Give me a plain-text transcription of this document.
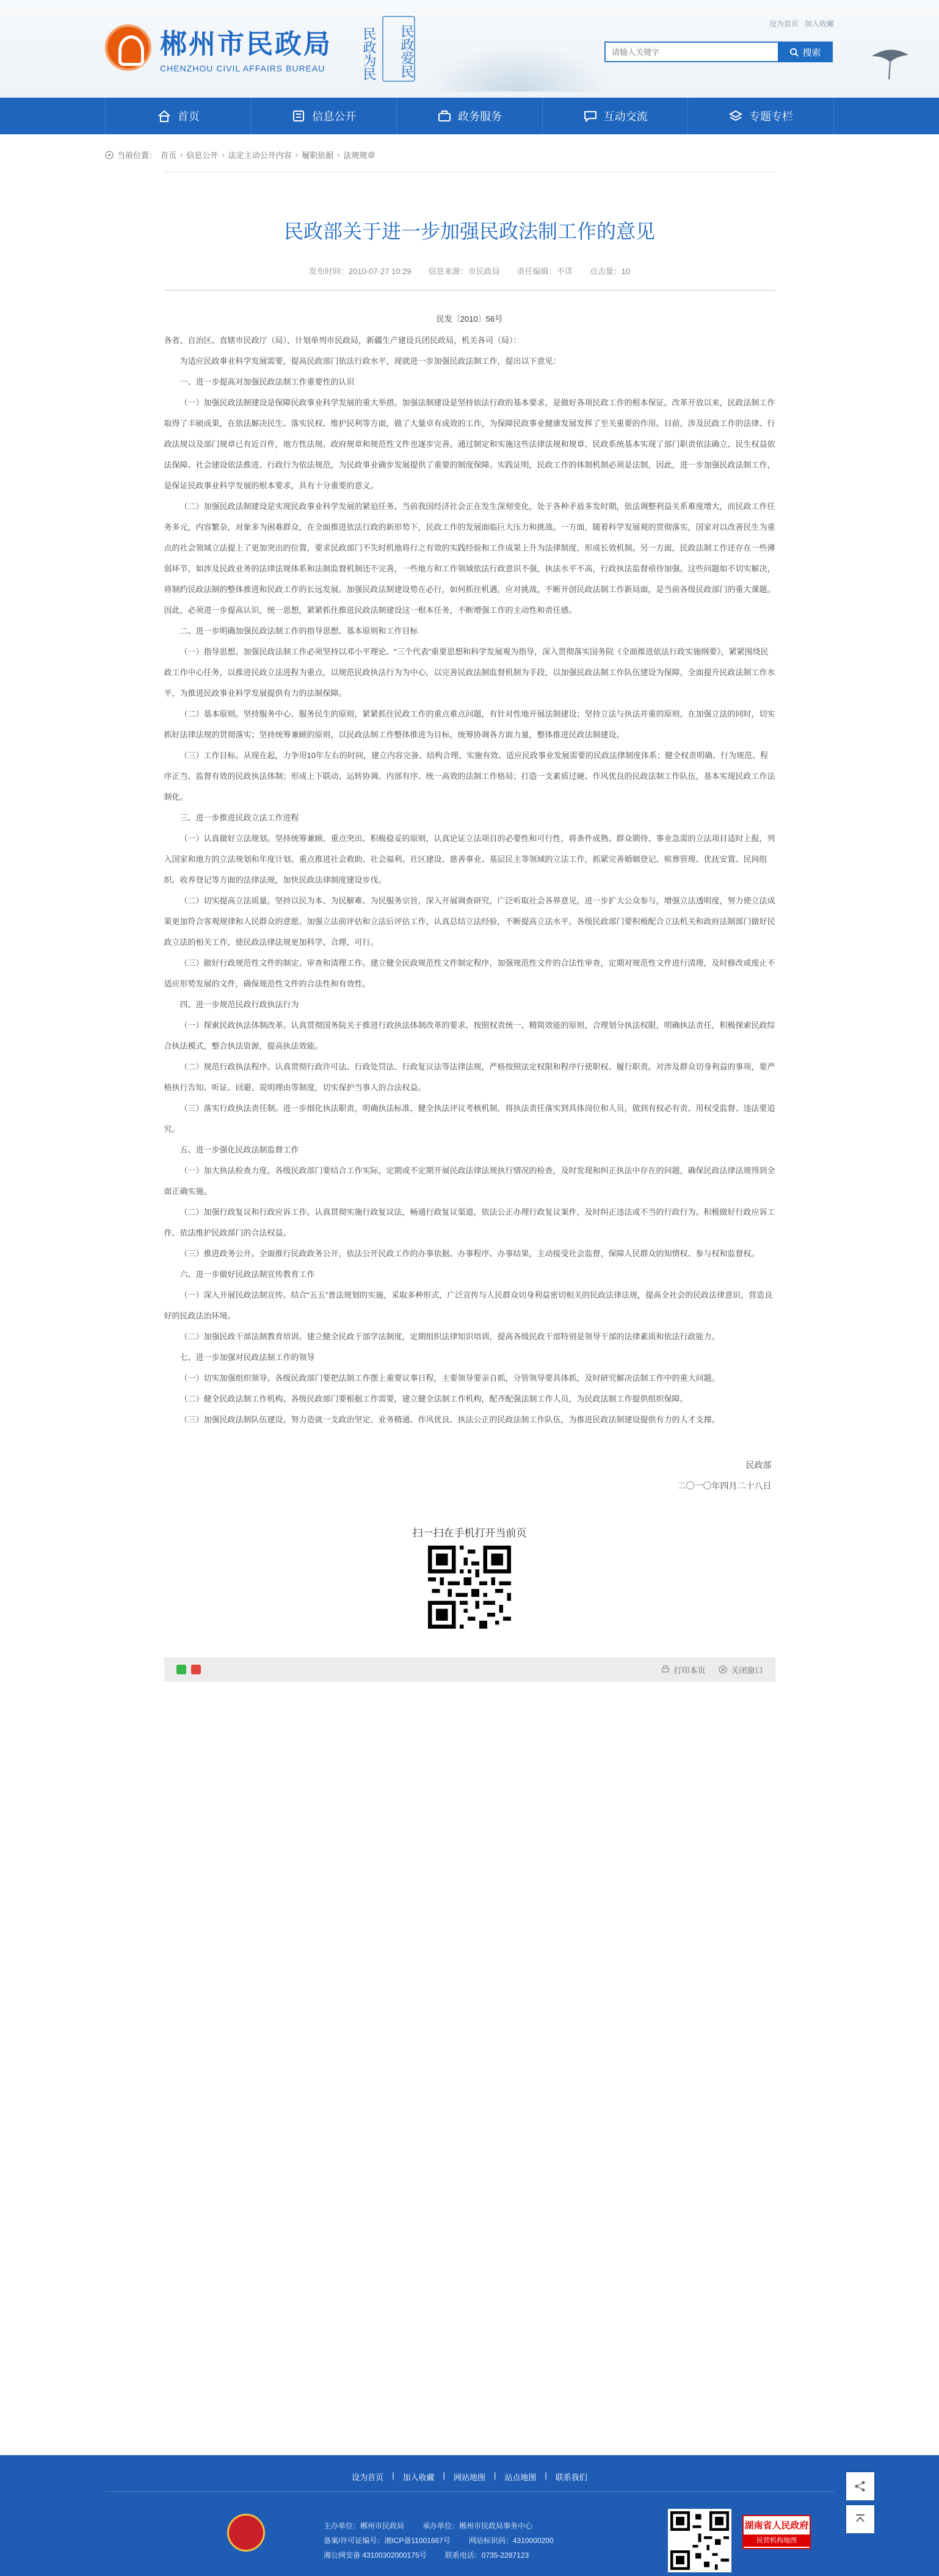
郴州市民政局
CHENZHOU CIVIL AFFAIRS BUREAU	民政为民	民政爱民
设为首页 加入收藏
请输入关键字
搜索
首页	信息公开	政务服务	互动交流	专题专栏
当前位置： 首页 › 信息公开 › 法定主动公开内容 › 履职依据 › 法规规章
民政部关于进一步加强民政法制工作的意见
发布时间：2010-07-27 10:29 信息来源：市民政局 责任编辑：不详 点击量：10
民发〔2010〕56号

各省、自治区、直辖市民政厅（局），计划单列市民政局，新疆生产建设兵团民政局，机关各司（局）：

为适应民政事业科学发展需要，提高民政部门依法行政水平，现就进一步加强民政法制工作，提出以下意见：

一、进一步提高对加强民政法制工作重要性的认识

（一）加强民政法制建设是保障民政事业科学发展的重大举措。加强法制建设是坚持依法行政的基本要求，是做好各项民政工作的根本保证。改革开放以来，民政法制工作取得了丰硕成果，在依法解决民生、落实民权、维护民利等方面，做了大量卓有成效的工作，为保障民政事业健康发展发挥了至关重要的作用。目前，涉及民政工作的法律、行政法规以及部门规章已有近百件，地方性法规、政府规章和规范性文件也逐步完善。通过制定和实施这些法律法规和规章，民政系统基本实现了部门职责依法确立、民生权益依法保障、社会建设依法推进、行政行为依法规范，为民政事业确步发展提供了重要的制度保障。实践证明，民政工作的体制机制必须是法制，因此，进一步加强民政法制工作，是保证民政事业科学发展的根本要求，具有十分重要的意义。

（二）加强民政法制建设是实现民政事业科学发展的紧迫任务。当前我国经济社会正在发生深刻变化，处于各种矛盾多发时期，依法调整利益关系难度增大，而民政工作任务多元，内容繁杂，对象多为困难群众，在全面推进依法行政的新形势下，民政工作的发展面临巨大压力和挑战。一方面，随着科学发展观的贯彻落实，国家对以改善民生为重点的社会领域立法提上了更加突出的位置，要求民政部门不失时机地将行之有效的实践经验和工作成果上升为法律制度，形成长效机制。另一方面，民政法制工作还存在一些薄弱环节，如涉及民政业务的法律法规体系和法制监督机制还不完善，一些地方和工作领域依法行政意识不强，执法水平不高，行政执法监督亟待加强。这些问题如不切实解决，将制约民政法制的整体推进和民政工作的长远发展。加强民政法制建设势在必行，如何抓住机遇，应对挑战，不断开创民政法制工作新局面，是当前各级民政部门的重大课题。因此，必须进一步提高认识，统一思想，紧紧抓住推进民政法制建设这一根本任务，不断增强工作的主动性和责任感。

二、进一步明确加强民政法制工作的指导思想、基本原则和工作目标

（一）指导思想。加强民政法制工作必须坚持以邓小平理论、“三个代表”重要思想和科学发展观为指导，深入贯彻落实国务院《全面推进依法行政实施纲要》，紧紧围绕民政工作中心任务，以推进民政立法进程为重点，以规范民政执法行为为中心，以完善民政法制监督机制为手段，以加强民政法制工作队伍建设为保障，全面提升民政法制工作水平，为推进民政事业科学发展提供有力的法制保障。

（二）基本原则。坚持服务中心、服务民生的原则，紧紧抓住民政工作的重点难点问题，有针对性地开展法制建设；坚持立法与执法并重的原则，在加强立法的同时，切实抓好法律法规的贯彻落实；坚持统筹兼顾的原则，以民政法制工作整体推进为目标，统筹协调各方面力量，整体推进民政法制建设。

（三）工作目标。从现在起，力争用10年左右的时间，建立内容完备、结构合理、实施有效、适应民政事业发展需要的民政法律制度体系；健全权责明确、行为规范、程序正当、监督有效的民政执法体制；形成上下联动、运转协调、内部有序、统一高效的法制工作格局；打造一支素质过硬、作风优良的民政法制工作队伍，基本实现民政工作法制化。

三、进一步推进民政立法工作进程

（一）认真做好立法规划。坚持统筹兼顾、重点突出、积极稳妥的原则，认真论证立法项目的必要性和可行性，将条件成熟、群众期待、事业急需的立法项目适时上报，列入国家和地方的立法规划和年度计划。重点推进社会救助、社会福利、社区建设、慈善事业、基层民主等领域的立法工作，抓紧完善婚姻登记、殡葬管理、优抚安置、民间组织、收养登记等方面的法律法规，加快民政法律制度建设步伐。

（二）切实提高立法质量。坚持以民为本、为民解难、为民服务宗旨，深入开展调查研究，广泛听取社会各界意见，进一步扩大公众参与，增强立法透明度，努力使立法成果更加符合客观规律和人民群众的意愿。加强立法前评估和立法后评估工作，认真总结立法经验，不断提高立法水平。各级民政部门要积极配合立法机关和政府法制部门做好民政立法的相关工作，使民政法律法规更加科学、合理、可行。

（三）做好行政规范性文件的制定、审查和清理工作。建立健全民政规范性文件制定程序，加强规范性文件的合法性审查，定期对规范性文件进行清理，及时修改或废止不适应形势发展的文件，确保规范性文件的合法性和有效性。

四、进一步规范民政行政执法行为

（一）探索民政执法体制改革。认真贯彻国务院关于推进行政执法体制改革的要求，按照权责统一、精简效能的原则，合理划分执法权限，明确执法责任，积极探索民政综合执法模式，整合执法资源，提高执法效能。

（二）规范行政执法程序。认真贯彻行政许可法、行政处罚法、行政复议法等法律法规，严格按照法定权限和程序行使职权、履行职责。对涉及群众切身利益的事项，要严格执行告知、听证、回避、说明理由等制度，切实保护当事人的合法权益。

（三）落实行政执法责任制。进一步细化执法职责，明确执法标准，健全执法评议考核机制，将执法责任落实到具体岗位和人员，做到有权必有责、用权受监督、违法要追究。

五、进一步强化民政法制监督工作

（一）加大执法检查力度。各级民政部门要结合工作实际，定期或不定期开展民政法律法规执行情况的检查，及时发现和纠正执法中存在的问题，确保民政法律法规得到全面正确实施。

（二）加强行政复议和行政应诉工作。认真贯彻实施行政复议法，畅通行政复议渠道，依法公正办理行政复议案件，及时纠正违法或不当的行政行为。积极做好行政应诉工作，依法维护民政部门的合法权益。

（三）推进政务公开。全面推行民政政务公开，依法公开民政工作的办事依据、办事程序、办事结果，主动接受社会监督，保障人民群众的知情权、参与权和监督权。

六、进一步做好民政法制宣传教育工作

（一）深入开展民政法制宣传。结合“五五”普法规划的实施，采取多种形式，广泛宣传与人民群众切身利益密切相关的民政法律法规，提高全社会的民政法律意识，营造良好的民政法治环境。

（二）加强民政干部法制教育培训。建立健全民政干部学法制度，定期组织法律知识培训，提高各级民政干部特别是领导干部的法律素质和依法行政能力。

七、进一步加强对民政法制工作的领导

（一）切实加强组织领导。各级民政部门要把法制工作摆上重要议事日程，主要领导要亲自抓，分管领导要具体抓，及时研究解决法制工作中的重大问题。

（二）健全民政法制工作机构。各级民政部门要根据工作需要，建立健全法制工作机构，配齐配强法制工作人员，为民政法制工作提供组织保障。

（三）加强民政法制队伍建设。努力造就一支政治坚定、业务精通、作风优良、执法公正的民政法制工作队伍，为推进民政法制建设提供有力的人才支撑。

民政部
二〇一〇年四月二十八日
扫一扫在手机打开当前页
打印本页	关闭窗口
设为首页 | 加入收藏 | 网站地图 | 站点地图 | 联系我们
主办单位：郴州市民政局	承办单位：郴州市民政局事务中心
备案/许可证编号：湘ICP备11001667号	网站标识码：4310000200
湘公网安备 43100302000175号	联系电话：0735-2287123
湖南省人民政府
民营机构地图
